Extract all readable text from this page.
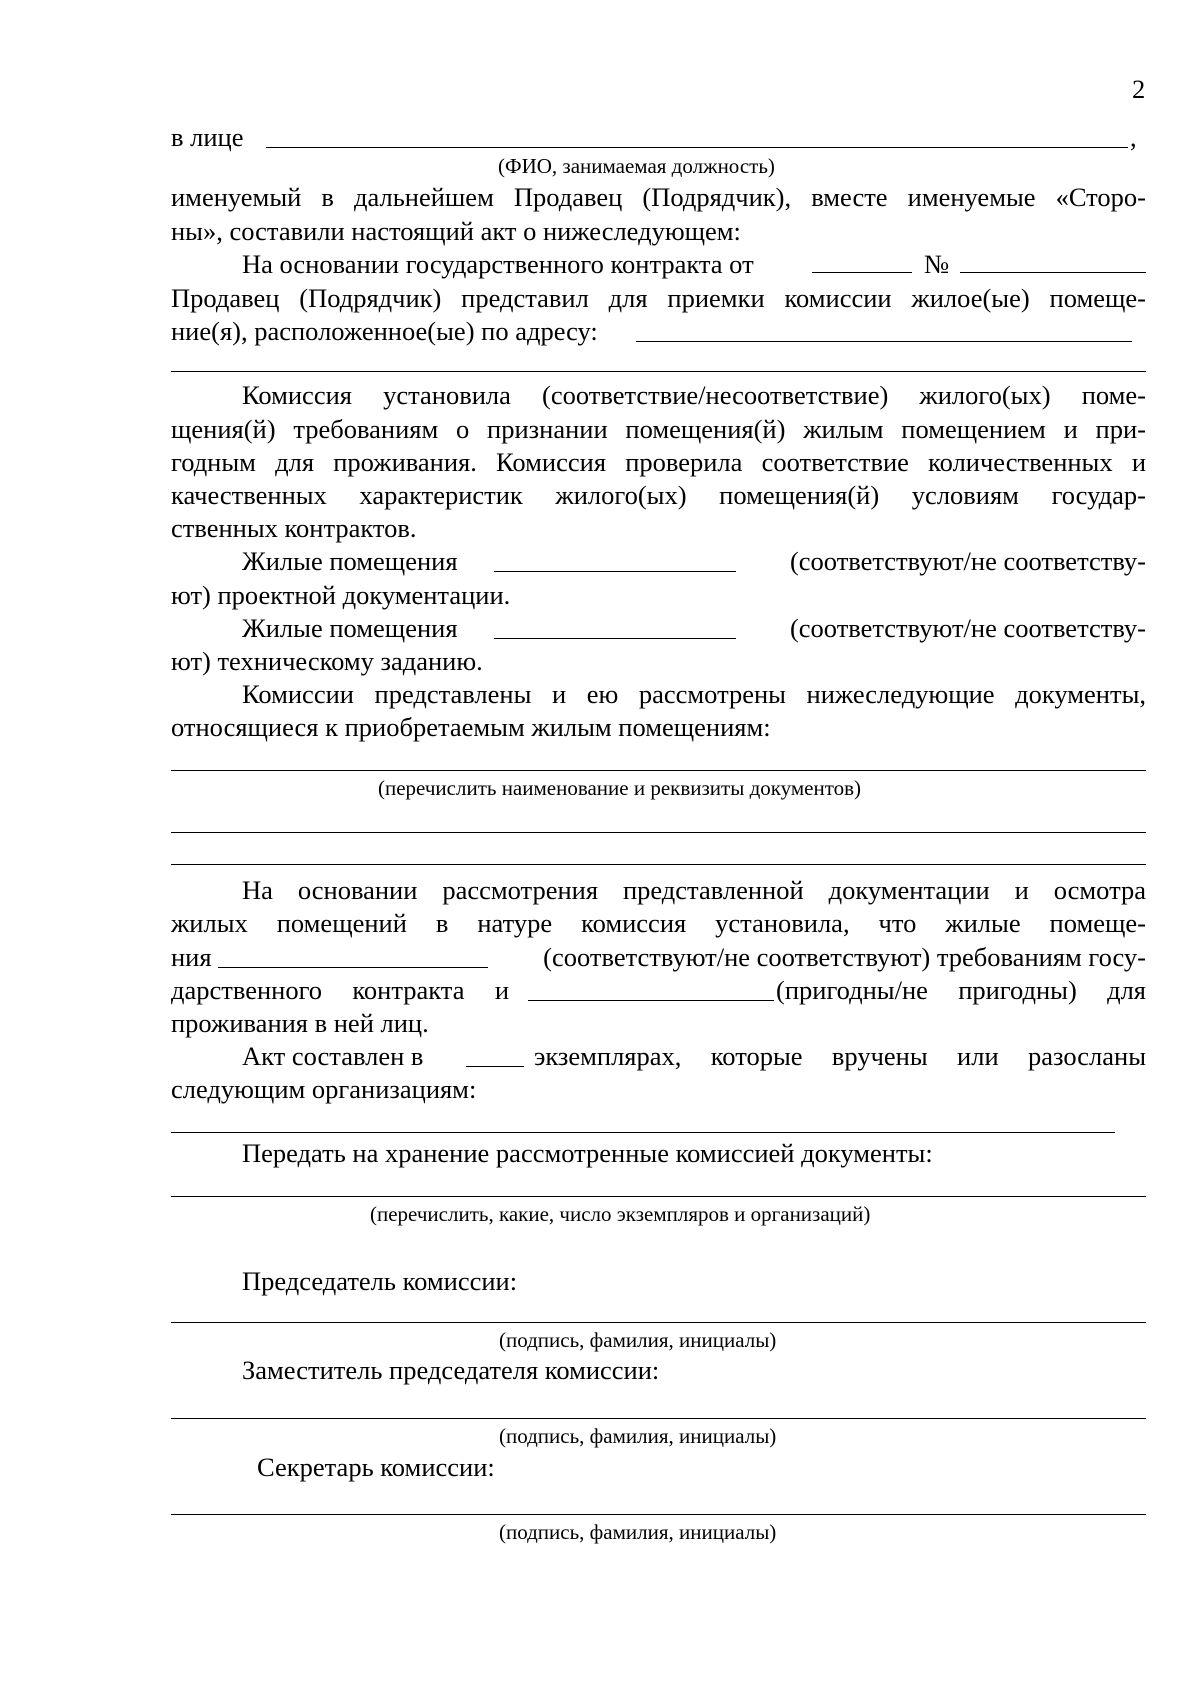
2
в лице	,
(ФИО, занимаемая должность)
именуемый в дальнейшем Продавец (Подрядчик), вместе именуемые «Сторо-
ны», составили настоящий акт о нижеследующем:
На основании государственного контракта от	№
Продавец (Подрядчик) представил для приемки комиссии жилое(ые) помеще-
ние(я), расположенное(ые) по адресу:
Комиссия установила (соответствие/несоответствие) жилого(ых) поме-
щения(й) требованиям о признании помещения(й) жилым помещением и при-
годным для проживания. Комиссия проверила соответствие количественных и
качественных характеристик жилого(ых) помещения(й) условиям государ-
ственных контрактов.
Жилые помещения	(соответствуют/не соответству-
ют) проектной документации.
Жилые помещения	(соответствуют/не соответству-
ют) техническому заданию.
Комиссии представлены и ею рассмотрены нижеследующие документы,
относящиеся к приобретаемым жилым помещениям:
(перечислить наименование и реквизиты документов)
На основании рассмотрения представленной документации и осмотра
жилых помещений в натуре комиссия установила, что жилые помеще-
ния	(соответствуют/не соответствуют) требованиям госу-
дарственного контракта и	(пригодны/не пригодны) для
проживания в ней лиц.
Акт составлен в	экземплярах, которые вручены или разосланы
следующим организациям:
Передать на хранение рассмотренные комиссией документы:
(перечислить, какие, число экземпляров и организаций)
Председатель комиссии:
(подпись, фамилия, инициалы)
Заместитель председателя комиссии:
(подпись, фамилия, инициалы)
Секретарь комиссии:
(подпись, фамилия, инициалы)
